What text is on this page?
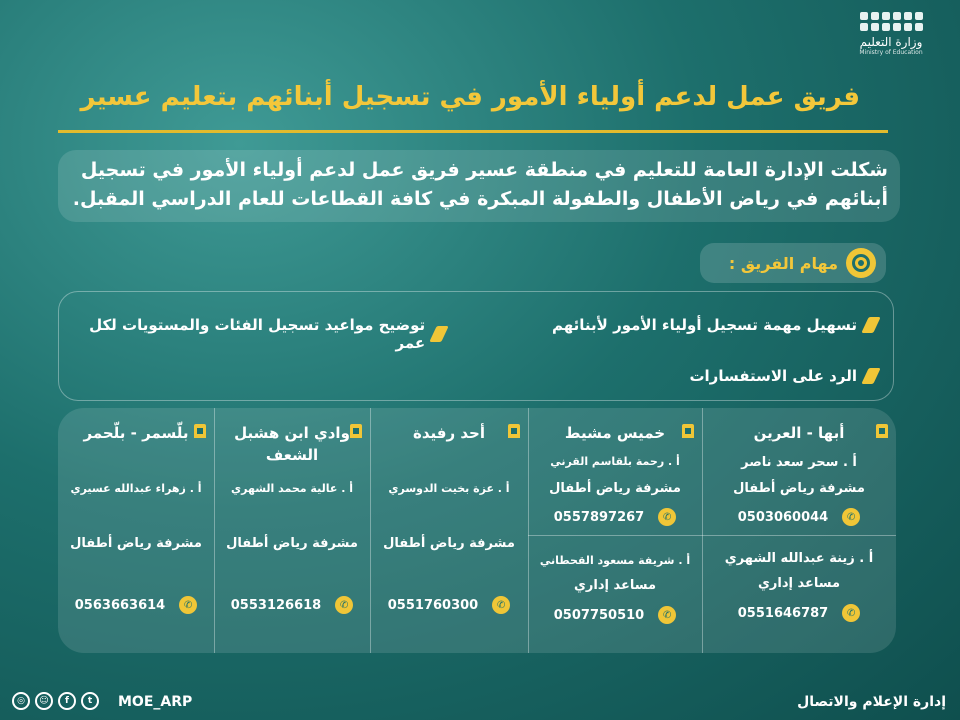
وزارة التعليم
Ministry of Education
فريق عمل لدعم أولياء الأمور في تسجيل أبنائهم بتعليم عسير
شكلت الإدارة العامة للتعليم في منطقة عسير فريق عمل لدعم أولياء الأمور في تسجيل أبنائهم في رياض الأطفال والطفولة المبكرة في كافة القطاعات للعام الدراسي المقبل.
مهام الفريق :
تسهيل مهمة تسجيل أولياء الأمور لأبنائهم
توضيح مواعيد تسجيل الفئات والمستويات لكل عمر
الرد على الاستفسارات
أبها - العرين
أ . سحر سعد ناصر
مشرفة رياض أطفال
0503060044	✆
أ . زينة عبدالله الشهري
مساعد إداري
0551646787	✆
خميس مشيط
أ . رحمة بلقاسم القرني
مشرفة رياض أطفال
0557897267	✆
أ . شريفة مسعود القحطاني
مساعد إداري
0507750510	✆
أحد رفيدة
أ . عزة بخيت الدوسري
مشرفة رياض أطفال
0551760300	✆
وادي ابن هشبل الشعف
أ . عالية محمد الشهري
مشرفة رياض أطفال
0553126618	✆
بلّسمر - بلّحمر
أ . زهراء عبدالله عسيري
مشرفة رياض أطفال
0563663614	✆
◎	☺	f	t	MOE_ARP	إدارة الإعلام والاتصال
